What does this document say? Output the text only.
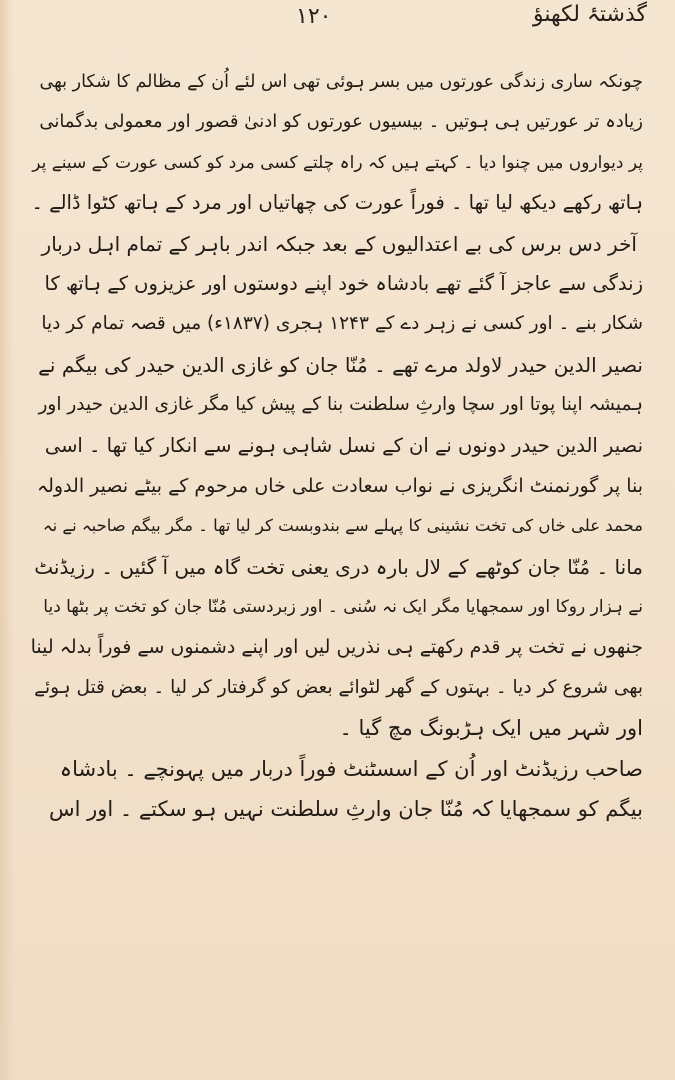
۱۲۰	گذشتۂ لکھنؤ
چونکہ ساری زندگی عورتوں میں بسر ہوئی تھی اس لئے اُن کے مظالم کا شکار بھی
زیادہ تر عورتیں ہی ہوتیں ۔ بیسیوں عورتوں کو ادنیٰ قصور اور معمولی بدگمانی
پر دیواروں میں چنوا دیا ۔ کہتے ہیں کہ راہ چلتے کسی مرد کو کسی عورت کے سینے پر
ہاتھ رکھے دیکھ لیا تھا ۔ فوراً عورت کی چھاتیاں اور مرد کے ہاتھ کٹوا ڈالے ۔
آخر دس برس کی بے اعتدالیوں کے بعد جبکہ اندر باہر کے تمام اہل دربار
زندگی سے عاجز آ گئے تھے بادشاہ خود اپنے دوستوں اور عزیزوں کے ہاتھ کا
شکار بنے ۔ اور کسی نے زہر دے کے ۱۲۴۳ ہجری (۱۸۳۷ء) میں قصہ تمام کر دیا
نصیر الدین حیدر لاولد مرے تھے ۔ مُنّا جان کو غازی الدین حیدر کی بیگم نے
ہمیشہ اپنا پوتا اور سچا وارثِ سلطنت بنا کے پیش کیا مگر غازی الدین حیدر اور
نصیر الدین حیدر دونوں نے ان کے نسل شاہی ہونے سے انکار کیا تھا ۔ اسی
بنا پر گورنمنٹ انگریزی نے نواب سعادت علی خاں مرحوم کے بیٹے نصیر الدولہ
محمد علی خاں کی تخت نشینی کا پہلے سے بندوبست کر لیا تھا ۔ مگر بیگم صاحبہ نے نہ
مانا ۔ مُنّا جان کوٹھے کے لال بارہ دری یعنی تخت گاہ میں آ گئیں ۔ رزیڈنٹ
نے ہزار روکا اور سمجھایا مگر ایک نہ سُنی ۔ اور زبردستی مُنّا جان کو تخت پر بٹھا دیا
جنھوں نے تخت پر قدم رکھتے ہی نذریں لیں اور اپنے دشمنوں سے فوراً بدلہ لینا
بھی شروع کر دیا ۔ بہتوں کے گھر لٹوائے بعض کو گرفتار کر لیا ۔ بعض قتل ہوئے
اور شہر میں ایک ہڑبونگ مچ گیا ۔
صاحب رزیڈنٹ اور اُن کے اسسٹنٹ فوراً دربار میں پہونچے ۔ بادشاہ
بیگم کو سمجھایا کہ مُنّا جان وارثِ سلطنت نہیں ہو سکتے ۔ اور اس
